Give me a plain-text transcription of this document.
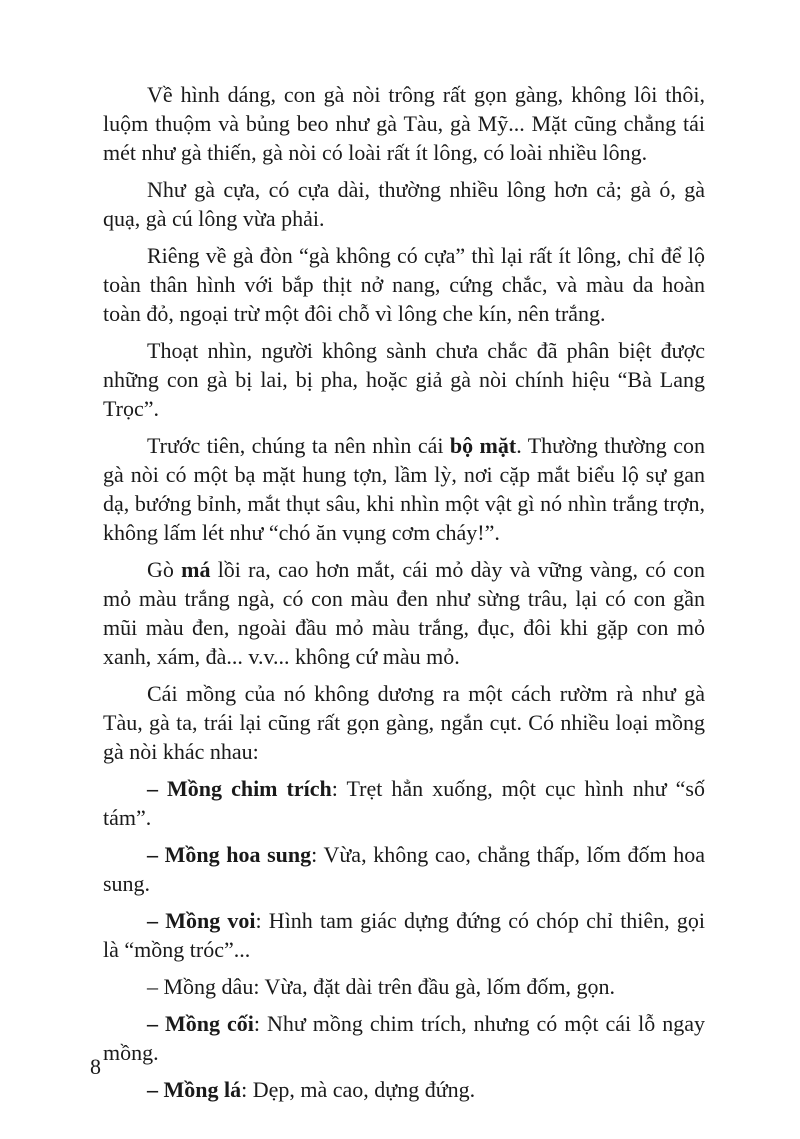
Về hình dáng, con gà nòi trông rất gọn gàng, không lôi thôi, luộm thuộm và bủng beo như gà Tàu, gà Mỹ... Mặt cũng chẳng tái mét như gà thiến, gà nòi có loài rất ít lông, có loài nhiều lông.

Như gà cựa, có cựa dài, thường nhiều lông hơn cả; gà ó, gà quạ, gà cú lông vừa phải.

Riêng về gà đòn “gà không có cựa” thì lại rất ít lông, chỉ để lộ toàn thân hình với bắp thịt nở nang, cứng chắc, và màu da hoàn toàn đỏ, ngoại trừ một đôi chỗ vì lông che kín, nên trắng.

Thoạt nhìn, người không sành chưa chắc đã phân biệt được những con gà bị lai, bị pha, hoặc giả gà nòi chính hiệu “Bà Lang Trọc”.

Trước tiên, chúng ta nên nhìn cái bộ mặt. Thường thường con gà nòi có một bạ mặt hung tợn, lầm lỳ, nơi cặp mắt biểu lộ sự gan dạ, bướng bỉnh, mắt thụt sâu, khi nhìn một vật gì nó nhìn trắng trợn, không lấm lét như “chó ăn vụng cơm cháy!”.

Gò má lồi ra, cao hơn mắt, cái mỏ dày và vững vàng, có con mỏ màu trắng ngà, có con màu đen như sừng trâu, lại có con gần mũi màu đen, ngoài đầu mỏ màu trắng, đục, đôi khi gặp con mỏ xanh, xám, đà... v.v... không cứ màu mỏ.

Cái mồng của nó không dương ra một cách rườm rà như gà Tàu, gà ta, trái lại cũng rất gọn gàng, ngắn cụt. Có nhiều loại mồng gà nòi khác nhau:

– Mồng chim trích: Trẹt hẳn xuống, một cục hình như “số tám”.

– Mồng hoa sung: Vừa, không cao, chẳng thấp, lốm đốm hoa sung.

– Mồng voi: Hình tam giác dựng đứng có chóp chỉ thiên, gọi là “mồng tróc”...

– Mồng dâu: Vừa, đặt dài trên đầu gà, lốm đốm, gọn.

– Mồng cối: Như mồng chim trích, nhưng có một cái lỗ ngay mồng.

– Mồng lá: Dẹp, mà cao, dựng đứng.

8
